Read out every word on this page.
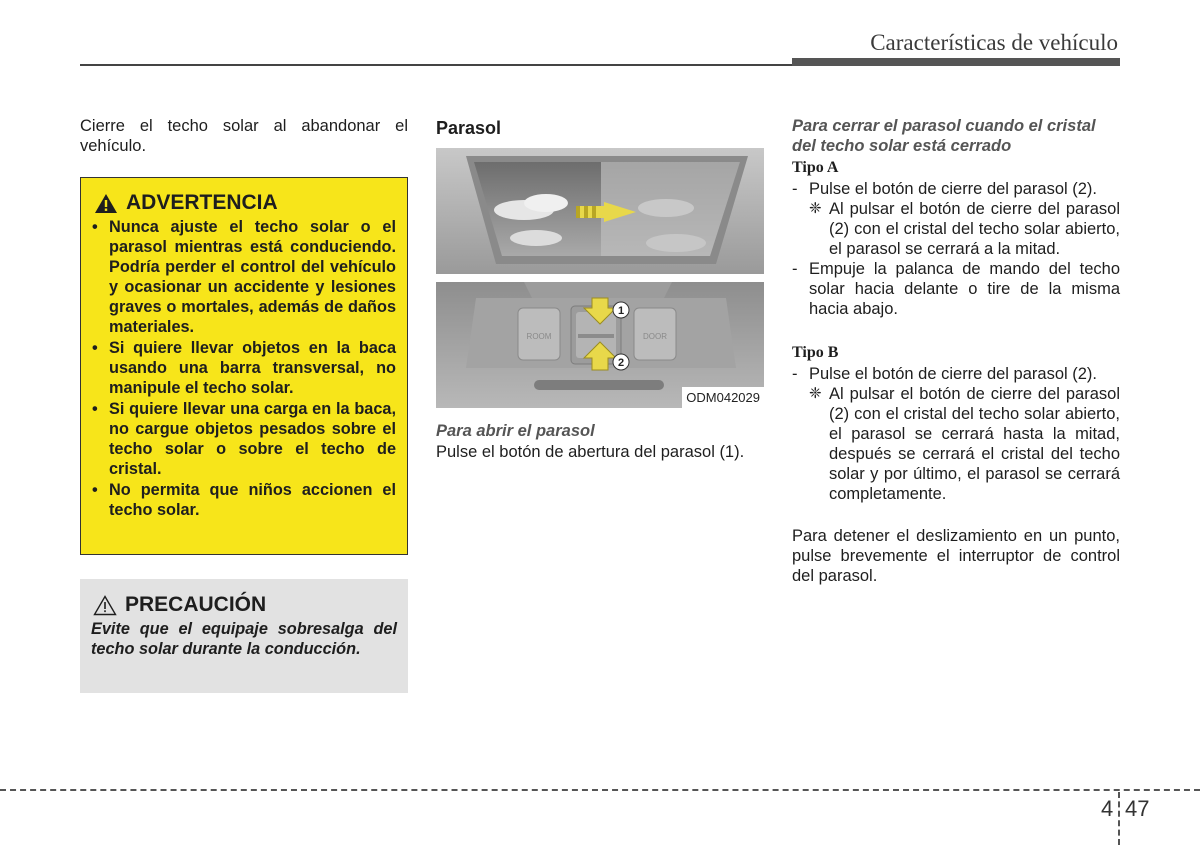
Características de vehículo

Cierre el techo solar al abandonar el vehículo.

ADVERTENCIA
• Nunca ajuste el techo solar o el parasol mientras está conduciendo. Podría perder el control del vehículo y ocasionar un accidente y lesiones graves o mortales, además de daños materiales.
• Si quiere llevar objetos en la baca usando una barra transversal, no manipule el techo solar.
• Si quiere llevar una carga en la baca, no cargue objetos pesados sobre el techo solar o sobre el techo de cristal.
• No permita que niños accionen el techo solar.
PRECAUCIÓN

Evite que el equipaje sobresalga del techo solar durante la conducción.

Parasol
ROOM	DOOR
1
2
ODM042029

Para abrir el parasol

Pulse el botón de abertura del parasol (1).

Para cerrar el parasol cuando el cristal del techo solar está cerrado

Tipo A

- Pulse el botón de cierre del parasol (2).
❈ Al pulsar el botón de cierre del parasol (2) con el cristal del techo solar abierto, el parasol se cerrará a la mitad.
- Empuje la palanca de mando del techo solar hacia delante o tire de la misma hacia abajo.

Tipo B

- Pulse el botón de cierre del parasol (2).
❈ Al pulsar el botón de cierre del parasol (2) con el cristal del techo solar abierto, el parasol se cerrará hasta la mitad, después se cerrará el cristal del techo solar y por último, el parasol se cerrará completamente.

Para detener el deslizamiento en un punto, pulse brevemente el interruptor de control del parasol.

4 47
